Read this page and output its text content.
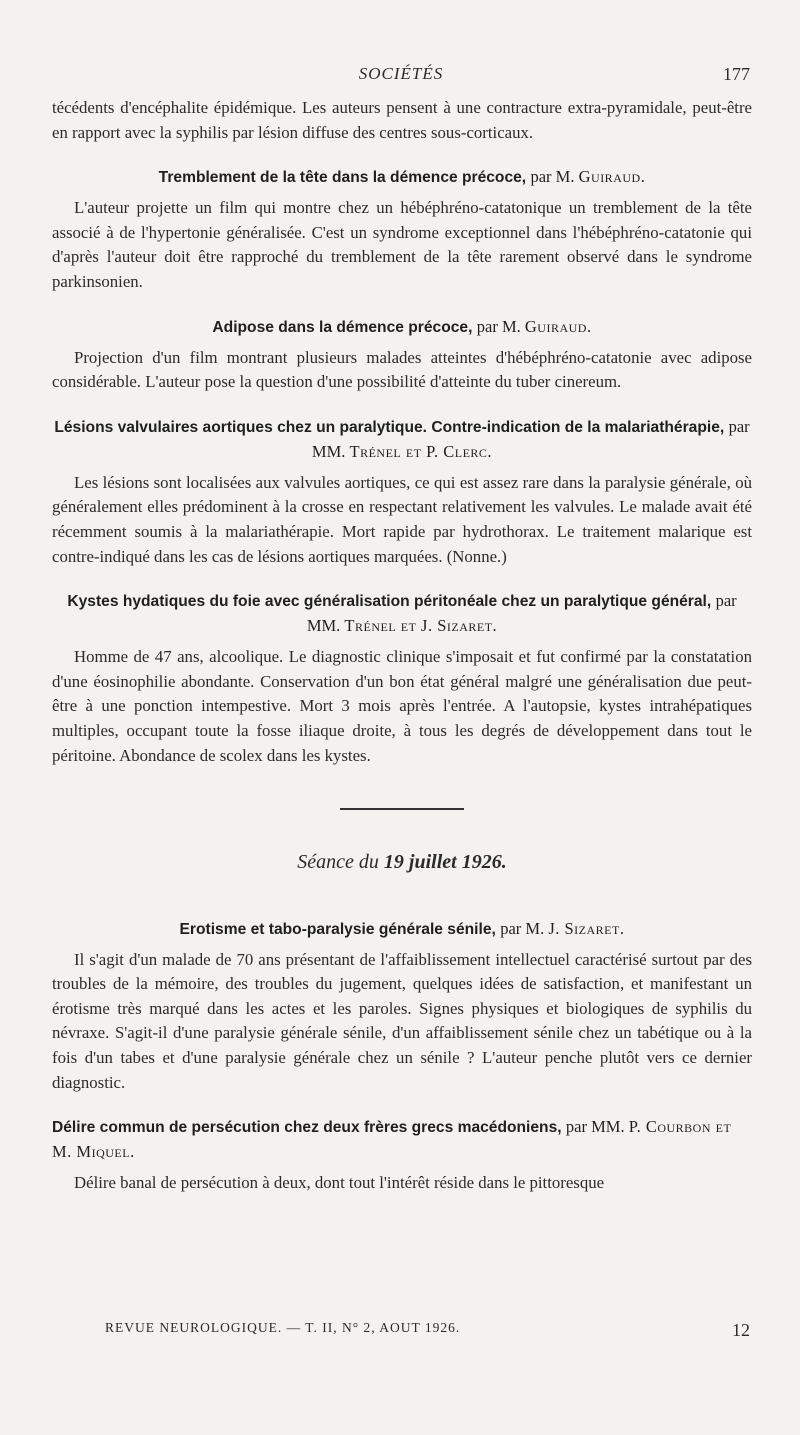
SOCIÉTÉS	177

técédents d'encéphalite épidémique. Les auteurs pensent à une contracture extra-pyramidale, peut-être en rapport avec la syphilis par lésion diffuse des centres sous-corticaux.

Tremblement de la tête dans la démence précoce, par M. Guiraud.

L'auteur projette un film qui montre chez un hébéphréno-catatonique un tremblement de la tête associé à de l'hypertonie généralisée. C'est un syndrome exceptionnel dans l'hébéphréno-catatonie qui d'après l'auteur doit être rapproché du tremblement de la tête rarement observé dans le syndrome parkinsonien.

Adipose dans la démence précoce, par M. Guiraud.

Projection d'un film montrant plusieurs malades atteintes d'hébéphréno-catatonie avec adipose considérable. L'auteur pose la question d'une possibilité d'atteinte du tuber cinereum.

Lésions valvulaires aortiques chez un paralytique. Contre-indication de la malariathérapie, par MM. Trénel et P. Clerc.

Les lésions sont localisées aux valvules aortiques, ce qui est assez rare dans la paralysie générale, où généralement elles prédominent à la crosse en respectant relativement les valvules. Le malade avait été récemment soumis à la malariathérapie. Mort rapide par hydrothorax. Le traitement malarique est contre-indiqué dans les cas de lésions aortiques marquées. (Nonne.)

Kystes hydatiques du foie avec généralisation péritonéale chez un paralytique général, par MM. Trénel et J. Sizaret.

Homme de 47 ans, alcoolique. Le diagnostic clinique s'imposait et fut confirmé par la constatation d'une éosinophilie abondante. Conservation d'un bon état général malgré une généralisation due peut-être à une ponction intempestive. Mort 3 mois après l'entrée. A l'autopsie, kystes intrahépatiques multiples, occupant toute la fosse iliaque droite, à tous les degrés de développement dans tout le péritoine. Abondance de scolex dans les kystes.

Séance du 19 juillet 1926.
Erotisme et tabo-paralysie générale sénile, par M. J. Sizaret.

Il s'agit d'un malade de 70 ans présentant de l'affaiblissement intellectuel caractérisé surtout par des troubles de la mémoire, des troubles du jugement, quelques idées de satisfaction, et manifestant un érotisme très marqué dans les actes et les paroles. Signes physiques et biologiques de syphilis du névraxe. S'agit-il d'une paralysie générale sénile, d'un affaiblissement sénile chez un tabétique ou à la fois d'un tabes et d'une paralysie générale chez un sénile ? L'auteur penche plutôt vers ce dernier diagnostic.

Délire commun de persécution chez deux frères grecs macédoniens, par MM. P. Courbon et M. Miquel.

Délire banal de persécution à deux, dont tout l'intérêt réside dans le pittoresque

REVUE NEUROLOGIQUE. — T. II, N° 2, AOUT 1926.	12
